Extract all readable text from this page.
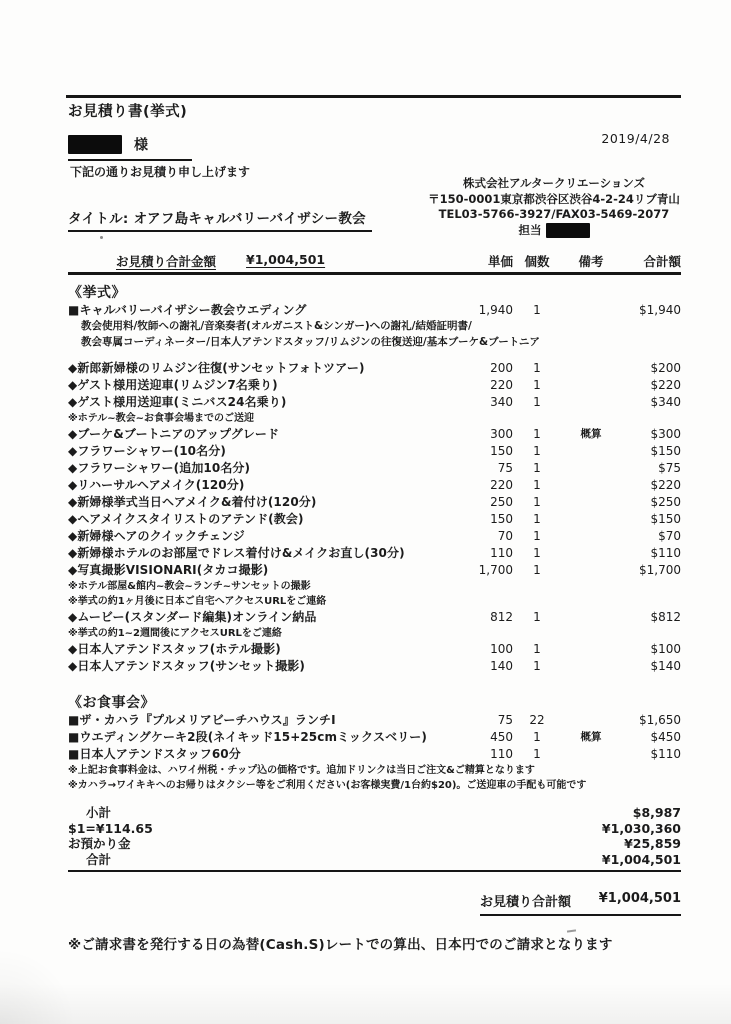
お見積り書(挙式)
2019/4/28
様
下記の通りお見積り申し上げます
株式会社アルタークリエーションズ
〒150-0001東京都渋谷区渋谷4-2-24リブ青山
TEL03-5766-3927/FAX03-5469-2077
担当
タイトル: オアフ島キャルバリーバイザシー教会
お見積り合計金額 ¥1,004,501	単価 個数	備考	合計額
《挙式》
■キャルバリーバイザシー教会ウエディング	1,940	1	$1,940
教会使用料/牧師への謝礼/音楽奏者(オルガニスト&シンガー)への謝礼/結婚証明書/
教会専属コーディネーター/日本人アテンドスタッフ/リムジンの往復送迎/基本ブーケ&ブートニア
◆新郎新婦様のリムジン往復(サンセットフォトツアー)	200	1	$200
◆ゲスト様用送迎車(リムジン7名乗り)	220	1	$220
◆ゲスト様用送迎車(ミニバス24名乗り)	340	1	$340
※ホテル~教会~お食事会場までのご送迎
◆ブーケ&ブートニアのアップグレード	300	1	概算	$300
◆フラワーシャワー(10名分)	150	1	$150
◆フラワーシャワー(追加10名分)	75	1	$75
◆リハーサルヘアメイク(120分)	220	1	$220
◆新婦様挙式当日ヘアメイク&着付け(120分)	250	1	$250
◆ヘアメイクスタイリストのアテンド(教会)	150	1	$150
◆新婦様ヘアのクイックチェンジ	70	1	$70
◆新婦様ホテルのお部屋でドレス着付け&メイクお直し(30分)	110	1	$110
◆写真撮影VISIONARI(タカコ撮影)	1,700	1	$1,700
※ホテル部屋&館内~教会~ランチ~サンセットの撮影
※挙式の約1ヶ月後に日本ご自宅へアクセスURLをご連絡
◆ムービー(スタンダード編集)オンライン納品	812	1	$812
※挙式の約1~2週間後にアクセスURLをご連絡
◆日本人アテンドスタッフ(ホテル撮影)	100	1	$100
◆日本人アテンドスタッフ(サンセット撮影)	140	1	$140
《お食事会》
■ザ・カハラ『プルメリアビーチハウス』ランチⅠ	75	22	$1,650
■ウエディングケーキ2段(ネイキッド15+25cmミックスベリー)	450	1	概算	$450
■日本人アテンドスタッフ60分	110	1	$110
※上記お食事料金は、ハワイ州税・チップ込の価格です。追加ドリンクは当日ご注文&ご精算となります
※カハラ→ワイキキへのお帰りはタクシー等をご利用ください(お客様実費/1台約$20)。ご送迎車の手配も可能です
小計	$8,987
$1=¥114.65	¥1,030,360
お預かり金	¥25,859
合計	¥1,004,501
お見積り合計額 ¥1,004,501
※ご請求書を発行する日の為替(Cash.S)レートでの算出、日本円でのご請求となります
